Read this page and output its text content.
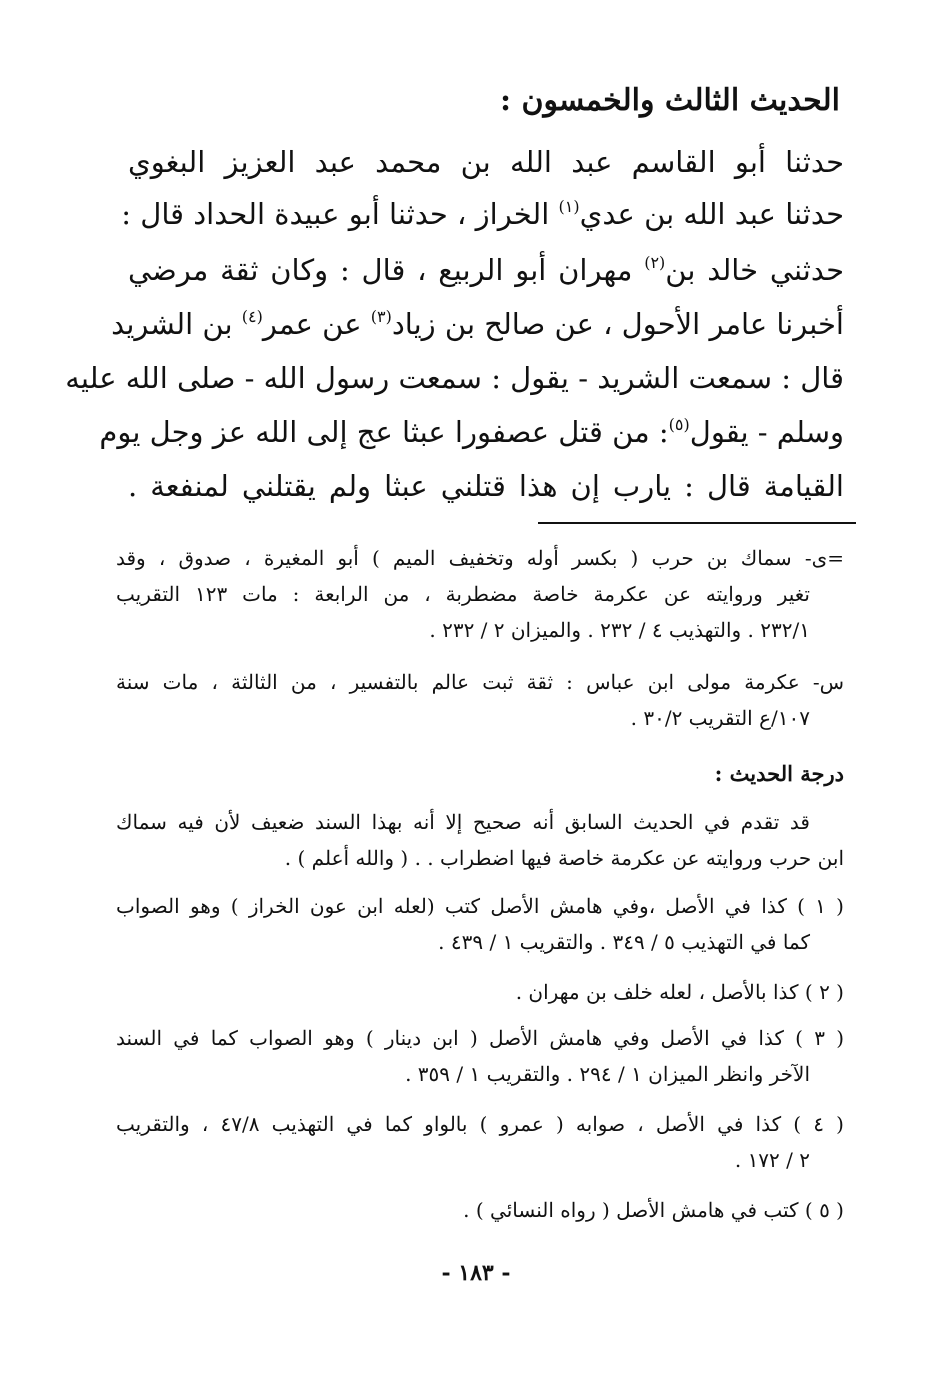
الحديث الثالث والخمسون :
حدثنا أبو القاسم عبد الله بن محمد عبد العزيز البغوي
حدثنا عبد الله بن عدي$^{(١)}$ الخراز ، حدثنا أبو عبيدة الحداد قال :
حدثني خالد بن$^{(٢)}$ مهران أبو الربيع ، قال : وكان ثقة مرضي
أخبرنا عامر الأحول ، عن صالح بن زياد$^{(٣)}$ عن عمر$^{(٤)}$ بن الشريد
قال : سمعت الشريد - يقول : سمعت رسول الله - صلى الله عليه
وسلم - يقول$^{(٥)}$: من قتل عصفورا عبثا عج إلى الله عز وجل يوم
القيامة قال : يارب إن هذا قتلني عبثا ولم يقتلني لمنفعة .
=ى- سماك بن حرب ( بكسر أوله وتخفيف الميم ) أبو المغيرة ، صدوق ، وقد
تغير وروايته عن عكرمة خاصة مضطربة ، من الرابعة : مات ١٢٣ التقريب
٢٣٢/١ . والتهذيب ٤ / ٢٣٢ . والميزان ٢ / ٢٣٢ .
س- عكرمة مولى ابن عباس : ثقة ثبت عالم بالتفسير ، من الثالثة ، مات سنة
١٠٧/ع التقريب ٣٠/٢ .
درجة الحديث :
قد تقدم في الحديث السابق أنه صحيح إلا أنه بهذا السند ضعيف لأن فيه سماك
ابن حرب وروايته عن عكرمة خاصة فيها اضطراب . . ( والله أعلم ) .
( ١ ) كذا في الأصل ،وفي هامش الأصل كتب (لعله ابن عون الخراز ) وهو الصواب
كما في التهذيب ٥ / ٣٤٩ . والتقريب ١ / ٤٣٩ .
( ٢ ) كذا بالأصل ، لعله خلف بن مهران .
( ٣ ) كذا في الأصل وفي هامش الأصل ( ابن دينار ) وهو الصواب كما في السند
الآخر وانظر الميزان ١ / ٢٩٤ . والتقريب ١ / ٣٥٩ .
( ٤ ) كذا في الأصل ، صوابه ( عمرو ) بالواو كما في التهذيب ٤٧/٨ ، والتقريب
٢ / ١٧٢ .
( ٥ ) كتب في هامش الأصل ( رواه النسائي ) .
- ١٨٣ -
